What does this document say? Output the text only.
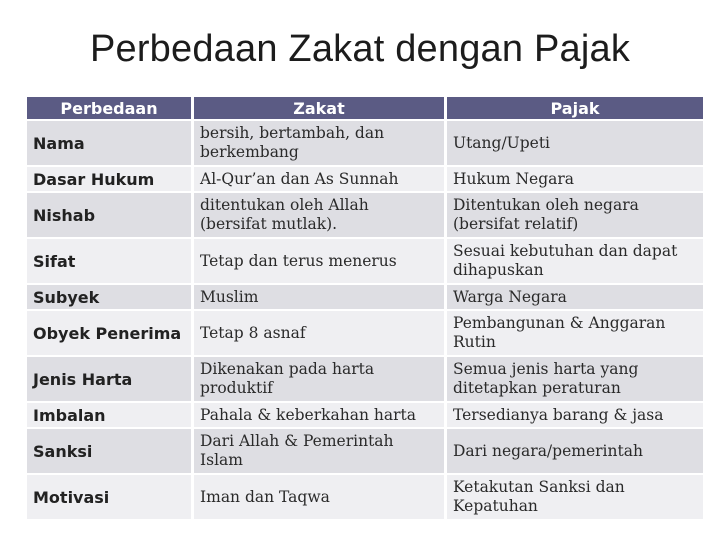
Perbedaan Zakat dengan Pajak
Perbedaan	Zakat	Pajak
Nama	bersih, bertambah, dan berkembang	Utang/Upeti
Dasar Hukum	Al-Qur’an dan As Sunnah	Hukum Negara
Nishab	ditentukan oleh Allah (bersifat mutlak).	Ditentukan oleh negara (bersifat relatif)
Sifat	Tetap dan terus menerus	Sesuai kebutuhan dan dapat dihapuskan
Subyek	Muslim	Warga Negara
Obyek Penerima	Tetap 8 asnaf	Pembangunan & Anggaran Rutin
Jenis Harta	Dikenakan pada harta produktif	Semua jenis harta yang ditetapkan peraturan
Imbalan	Pahala & keberkahan harta	Tersedianya barang & jasa
Sanksi	Dari Allah & Pemerintah Islam	Dari negara/pemerintah
Motivasi	Iman dan Taqwa	Ketakutan Sanksi dan Kepatuhan
